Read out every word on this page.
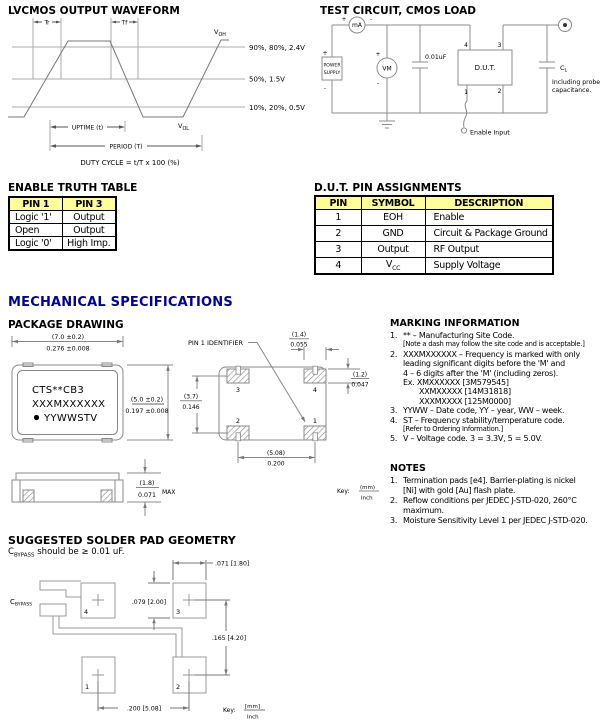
LVCMOS OUTPUT WAVEFORM
Tr	Tf
90%, 80%, 2.4V
50%, 1.5V
10%, 20%, 0.5V
$V_{OH}$
$V_{OL}$
UPTIME (t)
PERIOD (T)
DUTY CYCLE = t/T x 100 (%)
TEST CIRCUIT, CMOS LOAD
POWER
SUPPLY
mA
VM
+	-
+
-
+
-
0.01uF
D.U.T.
4	3
1	2
$C_L$
Including probe
capacitance.
Enable Input
ENABLE TRUTH TABLE
PIN 1	PIN 3
Logic '1'	Output
Open	Output
Logic '0'	High Imp.
D.U.T. PIN ASSIGNMENTS
PIN	SYMBOL	DESCRIPTION
1	EOH	Enable
2	GND	Circuit & Package Ground
3	Output	RF Output
4	$V_{CC}$	Supply Voltage
MECHANICAL SPECIFICATIONS
PACKAGE DRAWING
CTS**CB3
XXXMXXXXXX
YYWWSTV
(7.0 ±0.2)
0.276 ±0.008
(5.0 ±0.2)
0.197 ±0.008
(1.8)
0.071 MAX
PIN 1 IDENTIFIER
(1.4)
0.055
(1.2)
0.047
(3.7)
0.146
(5.08)
0.200
3	4
2	1
Key: (mm)
Inch
MARKING INFORMATION
1. ** – Manufacturing Site Code.
[Note a dash may follow the site code and is acceptable.]
2. XXXMXXXXXX – Frequency is marked with only
leading significant digits before the 'M' and
4 – 6 digits after the 'M' (including zeros).
Ex. XMXXXXXX [3M579545]
XXMXXXXX [14M31818]
XXXMXXXX [125M0000]
3. YYWW – Date code, YY – year, WW – week.
4. ST – Frequency stability/temperature code.
[Refer to Ordering Information.]
5. V – Voltage code. 3 = 3.3V, 5 = 5.0V.
NOTES
1. Termination pads [e4]. Barrier-plating is nickel
[Ni] with gold [Au] flash plate.
2. Reflow conditions per JEDEC J-STD-020, 260°C
maximum.
3. Moisture Sensitivity Level 1 per JEDEC J-STD-020.
SUGGESTED SOLDER PAD GEOMETRY
$C_{BYPASS}$ should be ≥ 0.01 uF.
4	3
1	2
$C_{BYPASS}$	.079 [2.00]
.071 [1.80]
.165 [4.20]
.200 [5.08]	Key: [mm]
Inch
